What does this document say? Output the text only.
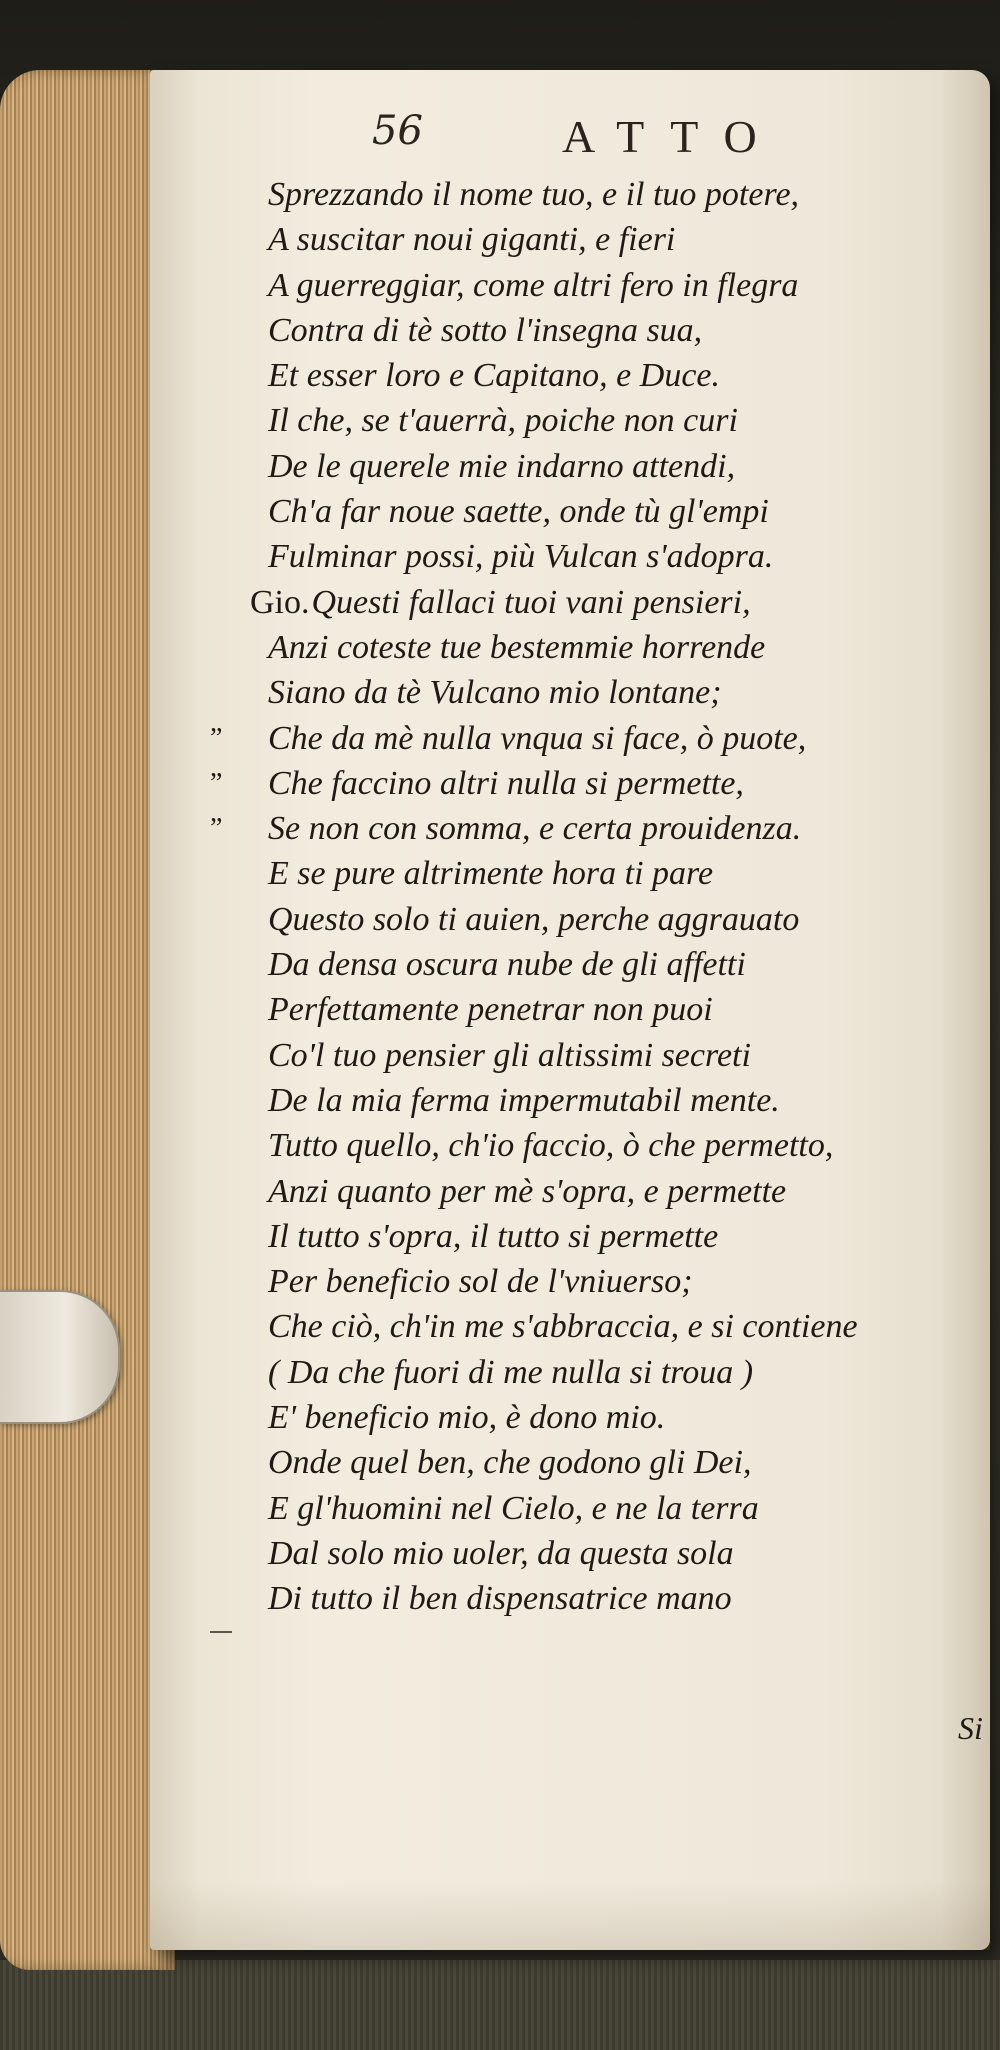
56	ATTO
Sprezzando il nome tuo, e il tuo potere,
A suscitar noui giganti, e fieri
A guerreggiar, come altri fero in flegra
Contra di tè sotto l'insegna sua,
Et esser loro e Capitano, e Duce.
Il che, se t'auerrà, poiche non curi
De le querele mie indarno attendi,
Ch'a far noue saette, onde tù gl'empi
Fulminar possi, più Vulcan s'adopra.
Gio.Questi fallaci tuoi vani pensieri,
Anzi coteste tue bestemmie horrende
Siano da tè Vulcano mio lontane;
” Che da mè nulla vnqua si face, ò puote,
” Che faccino altri nulla si permette,
” Se non con somma, e certa prouidenza.
E se pure altrimente hora ti pare
Questo solo ti auien, perche aggrauato
Da densa oscura nube de gli affetti
Perfettamente penetrar non puoi
Co'l tuo pensier gli altissimi secreti
De la mia ferma impermutabil mente.
Tutto quello, ch'io faccio, ò che permetto,
Anzi quanto per mè s'opra, e permette
Il tutto s'opra, il tutto si permette
Per beneficio sol de l'vniuerso;
Che ciò, ch'in me s'abbraccia, e si contiene
( Da che fuori di me nulla si troua )
E' beneficio mio, è dono mio.
Onde quel ben, che godono gli Dei,
E gl'huomini nel Cielo, e ne la terra
Dal solo mio uoler, da questa sola
Di tutto il ben dispensatrice mano
Si
